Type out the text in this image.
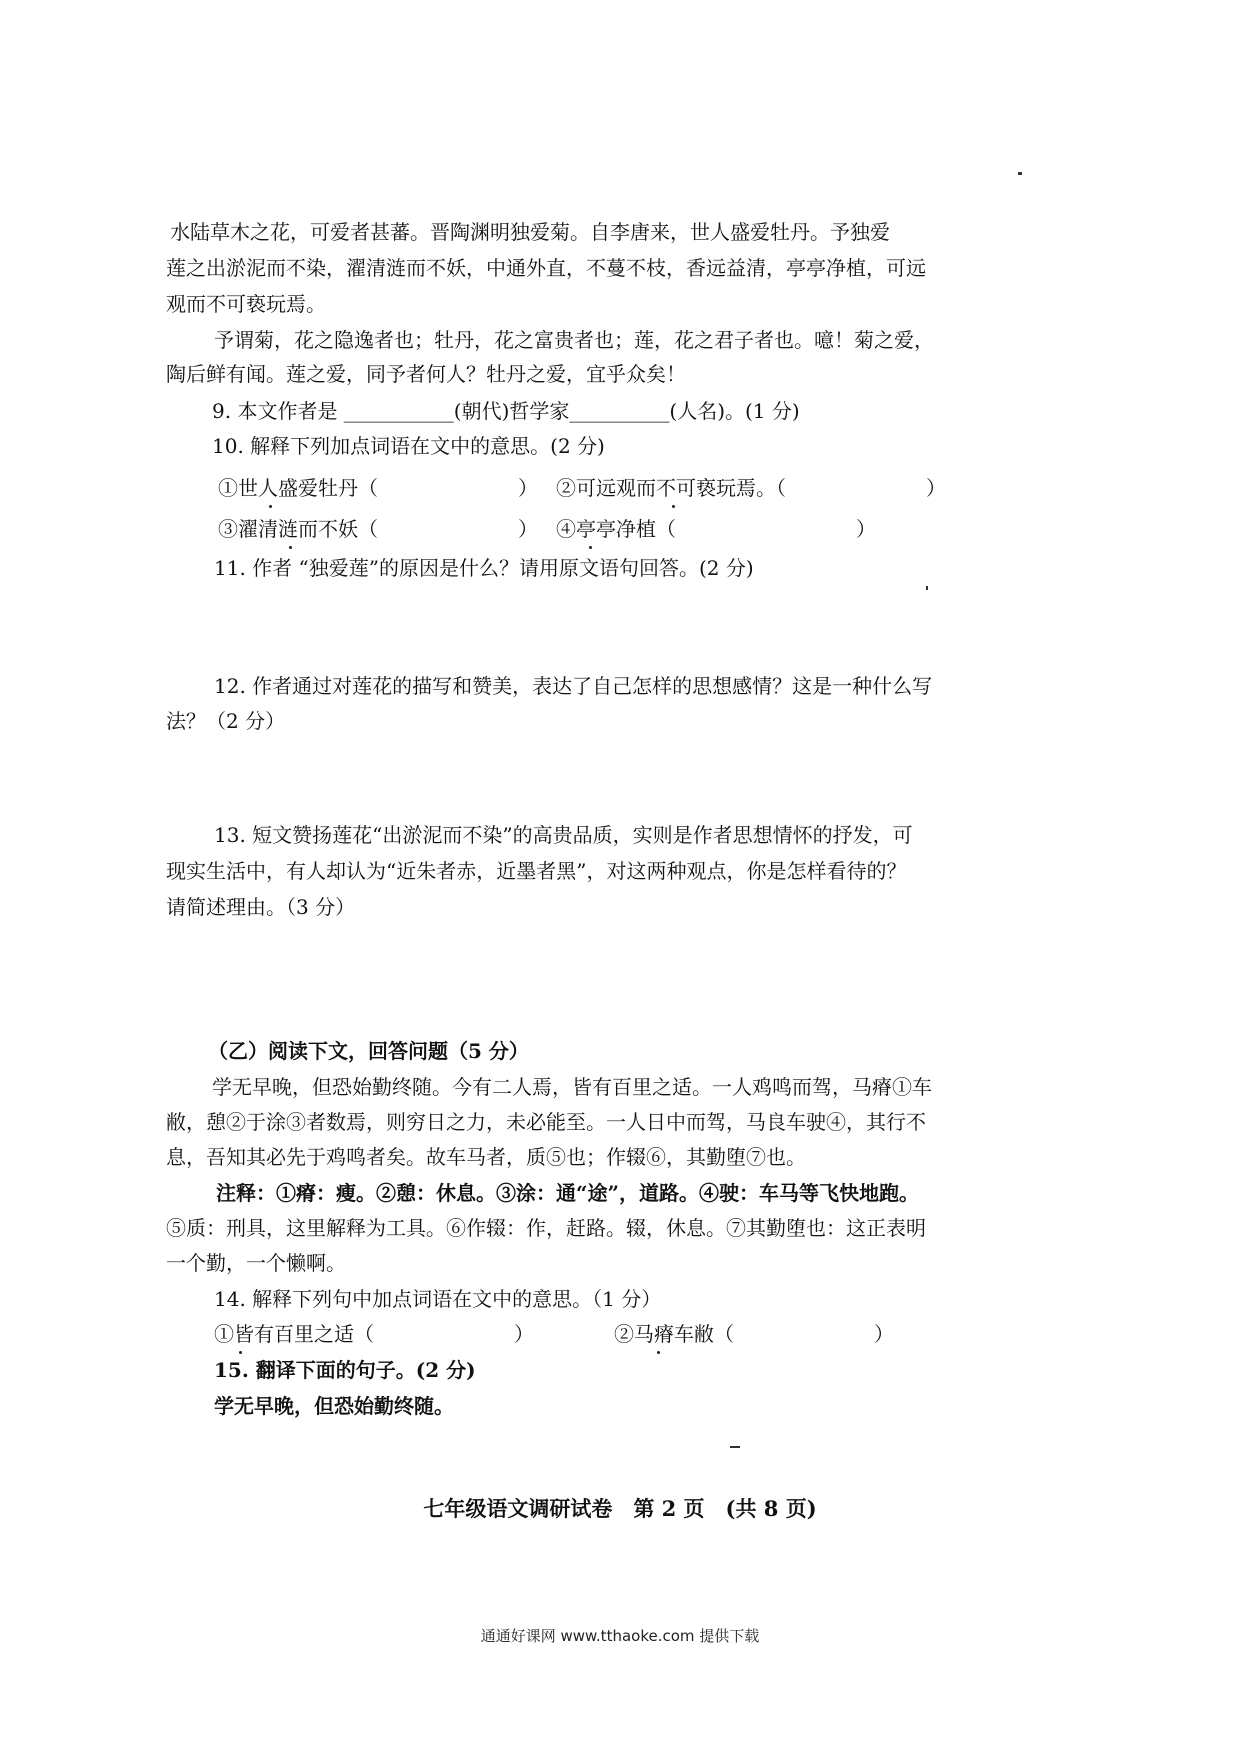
水陆草木之花，可爱者甚蕃。晋陶渊明独爱菊。自李唐来，世人盛爱牡丹。予独爱
莲之出淤泥而不染，濯清涟而不妖，中通外直，不蔓不枝，香远益清，亭亭净植，可远
观而不可亵玩焉。
予谓菊，花之隐逸者也；牡丹，花之富贵者也；莲，花之君子者也。噫！菊之爱，
陶后鲜有闻。莲之爱，同予者何人？牡丹之爱，宜乎众矣！
9. 本文作者是 ___________(朝代)哲学家__________(人名)。(1 分)
10. 解释下列加点词语在文中的意思。(2 分)
①世人盛爱牡丹（　　　　　　　） ②可远观而不可亵玩焉。（　　　　　　　）
③濯清涟而不妖（　　　　　　　） ④亭亭净植（　　　　　　　　　）
11. 作者 “独爱莲”的原因是什么？请用原文语句回答。(2 分)
12. 作者通过对莲花的描写和赞美，表达了自己怎样的思想感情？这是一种什么写
法？（2 分）
13. 短文赞扬莲花“出淤泥而不染”的高贵品质，实则是作者思想情怀的抒发，可
现实生活中，有人却认为“近朱者赤，近墨者黑”，对这两种观点，你是怎样看待的？
请简述理由。（3 分）
（乙）阅读下文，回答问题（5 分）
学无早晚，但恐始勤终随。今有二人焉，皆有百里之适。一人鸡鸣而驾，马瘠①车
敝，憩②于涂③者数焉，则穷日之力，未必能至。一人日中而驾，马良车驶④，其行不
息，吾知其必先于鸡鸣者矣。故车马者，质⑤也；作辍⑥，其勤堕⑦也。
注释：①瘠：瘦。②憩：休息。③涂：通“途”，道路。④驶：车马等飞快地跑。
⑤质：刑具，这里解释为工具。⑥作辍：作，赶路。辍，休息。⑦其勤堕也：这正表明
一个勤，一个懒啊。
14. 解释下列句中加点词语在文中的意思。（1 分）
①皆有百里之适（　　　　　　　）	②马瘠车敝（　　　　　　　）
15. 翻译下面的句子。(2 分)
学无早晚，但恐始勤终随。
七年级语文调研试卷　第 2 页　(共 8 页)
通通好课网 www.tthaoke.com 提供下载
